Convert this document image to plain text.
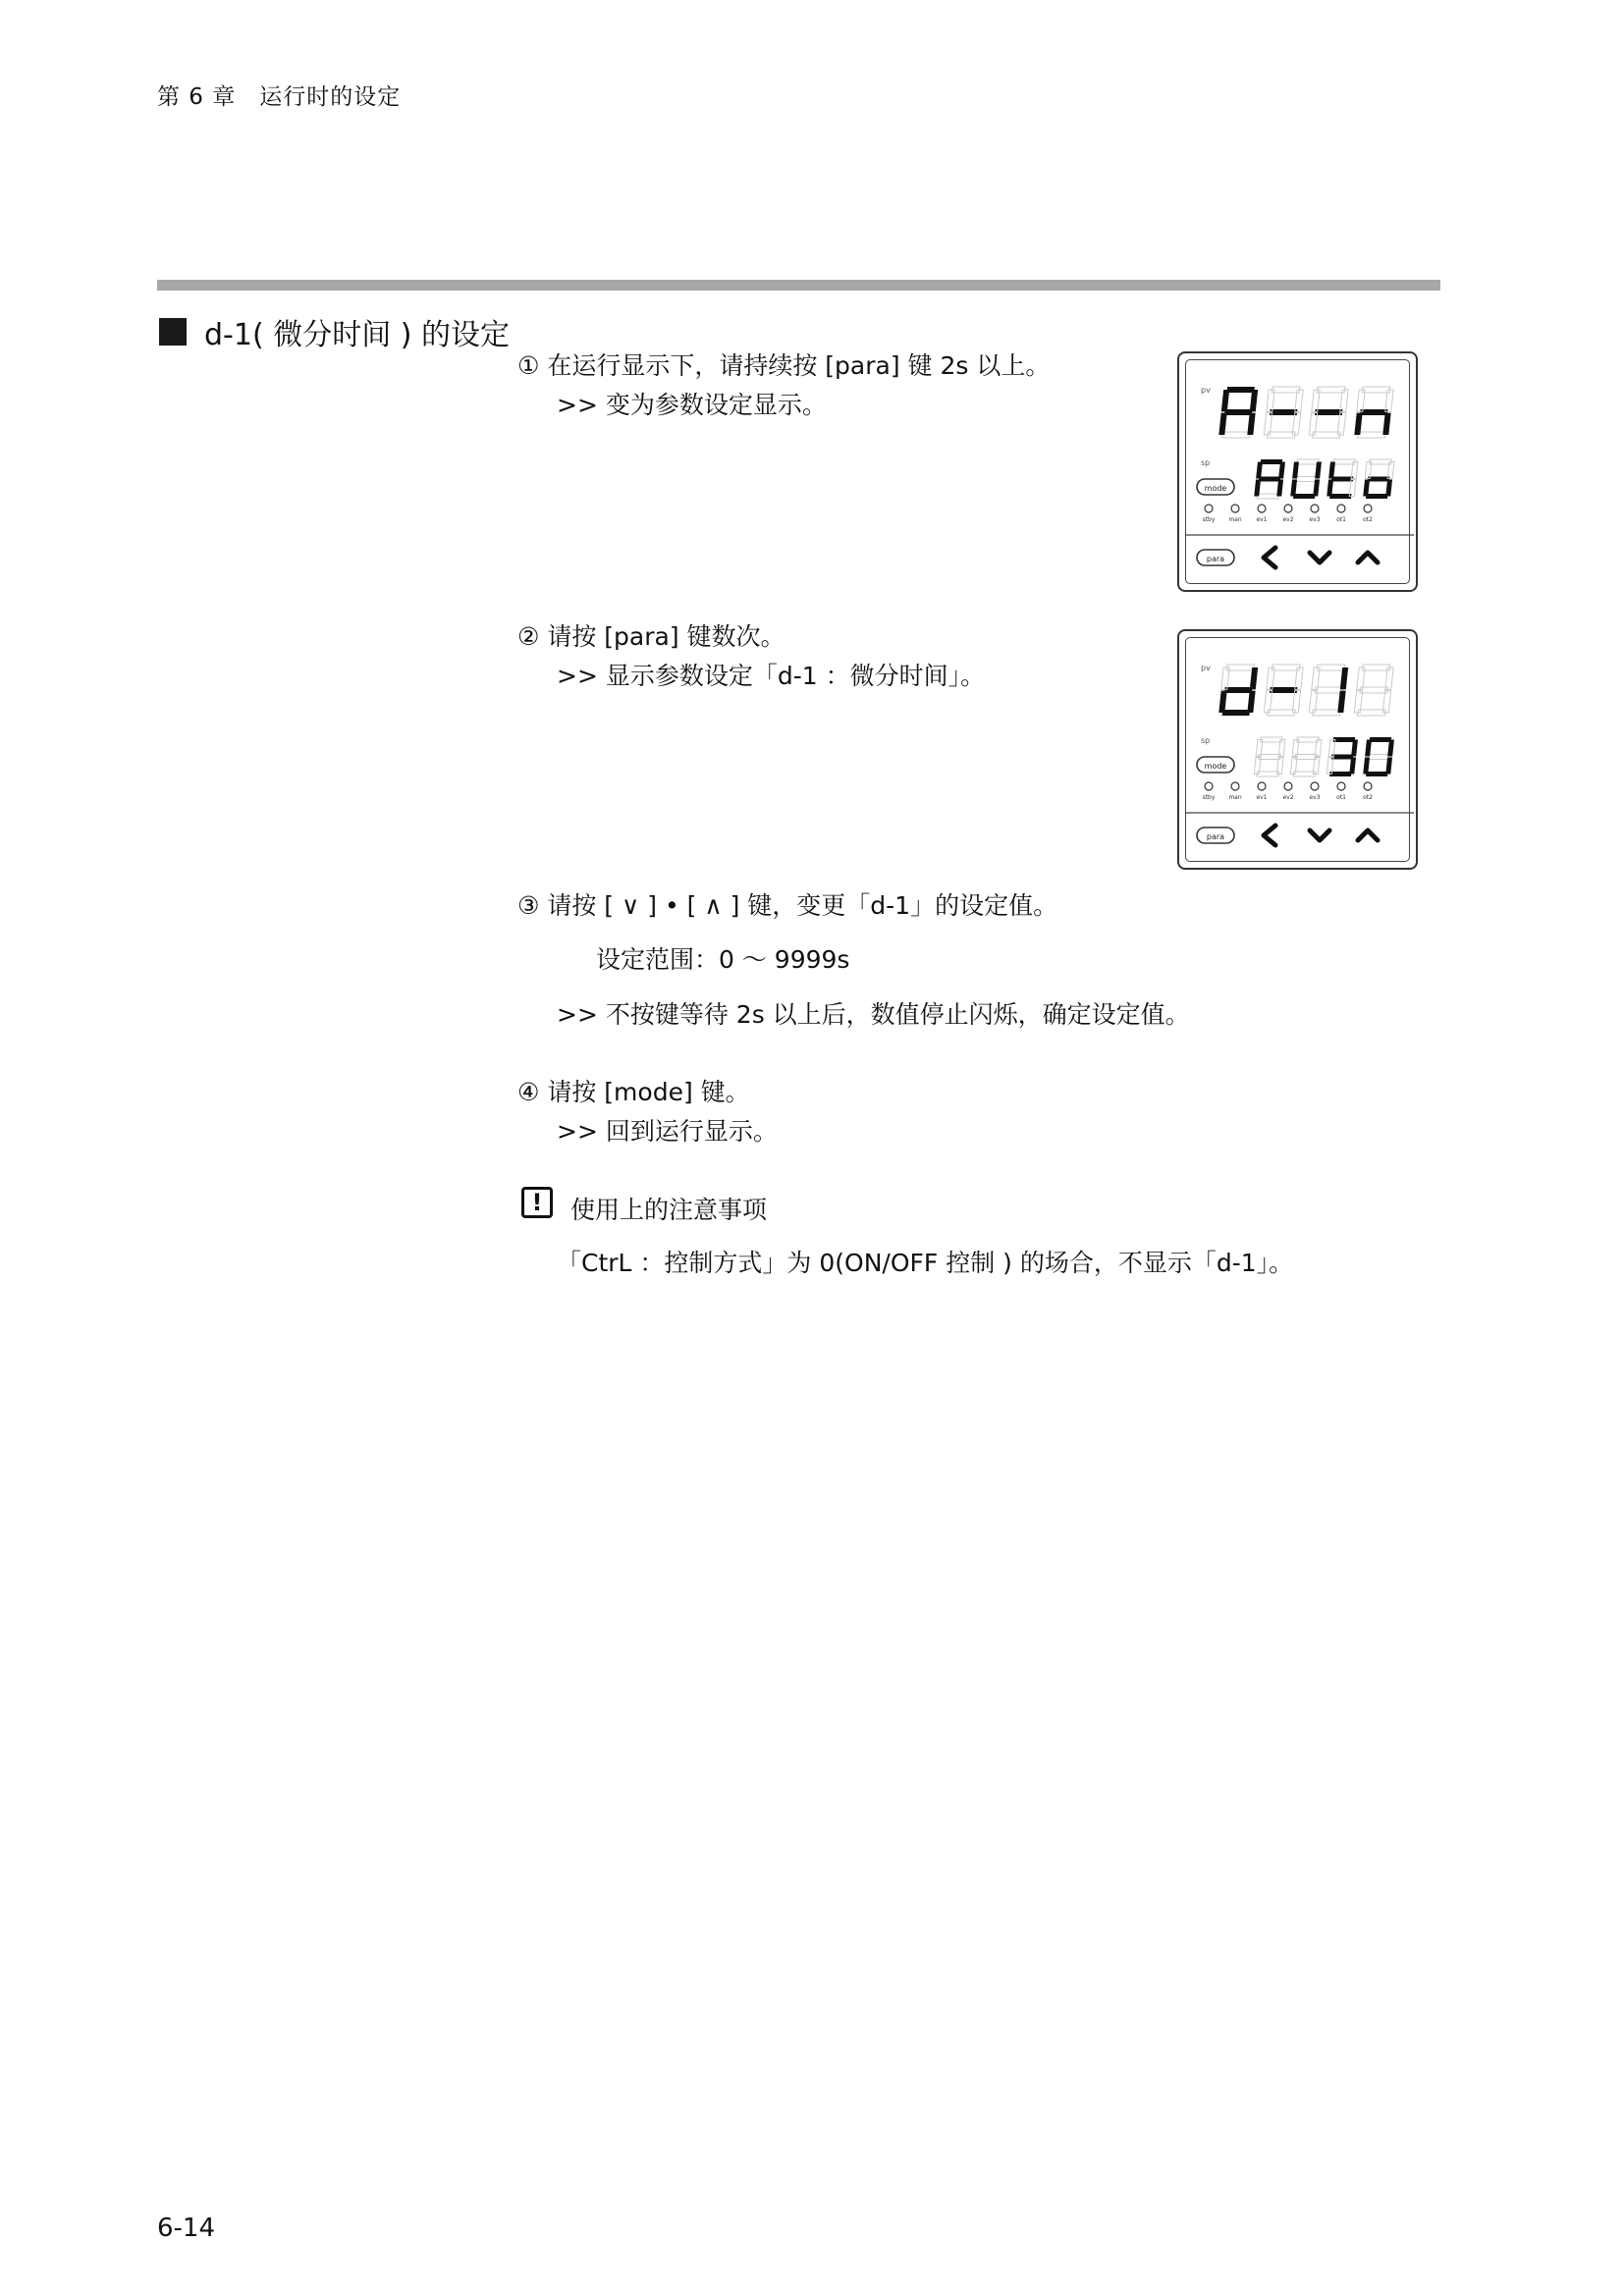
第 6 章　运行时的设定
d-1( 微分时间 ) 的设定
① 在运行显示下，请持续按 [para] 键 2s 以上。
>> 变为参数设定显示。
② 请按 [para] 键数次。
>> 显示参数设定「d-1 ：微分时间」。
③ 请按 [ ∨ ] • [ ∧ ] 键，变更「d-1」的设定值。
设定范围：0 ～ 9999s
>> 不按键等待 2s 以上后，数值停止闪烁，确定设定值。
④ 请按 [mode] 键。
>> 回到运行显示。
!	使用上的注意事项
「CtrL ：控制方式」为 0(ON/OFF 控制 ) 的场合，不显示「d-1」。
pv
sp
mode
stby man ev1	ev2	ev3	ot1	ot2
para
pv
sp
mode
stby man ev1	ev2	ev3	ot1	ot2
para
6-14
